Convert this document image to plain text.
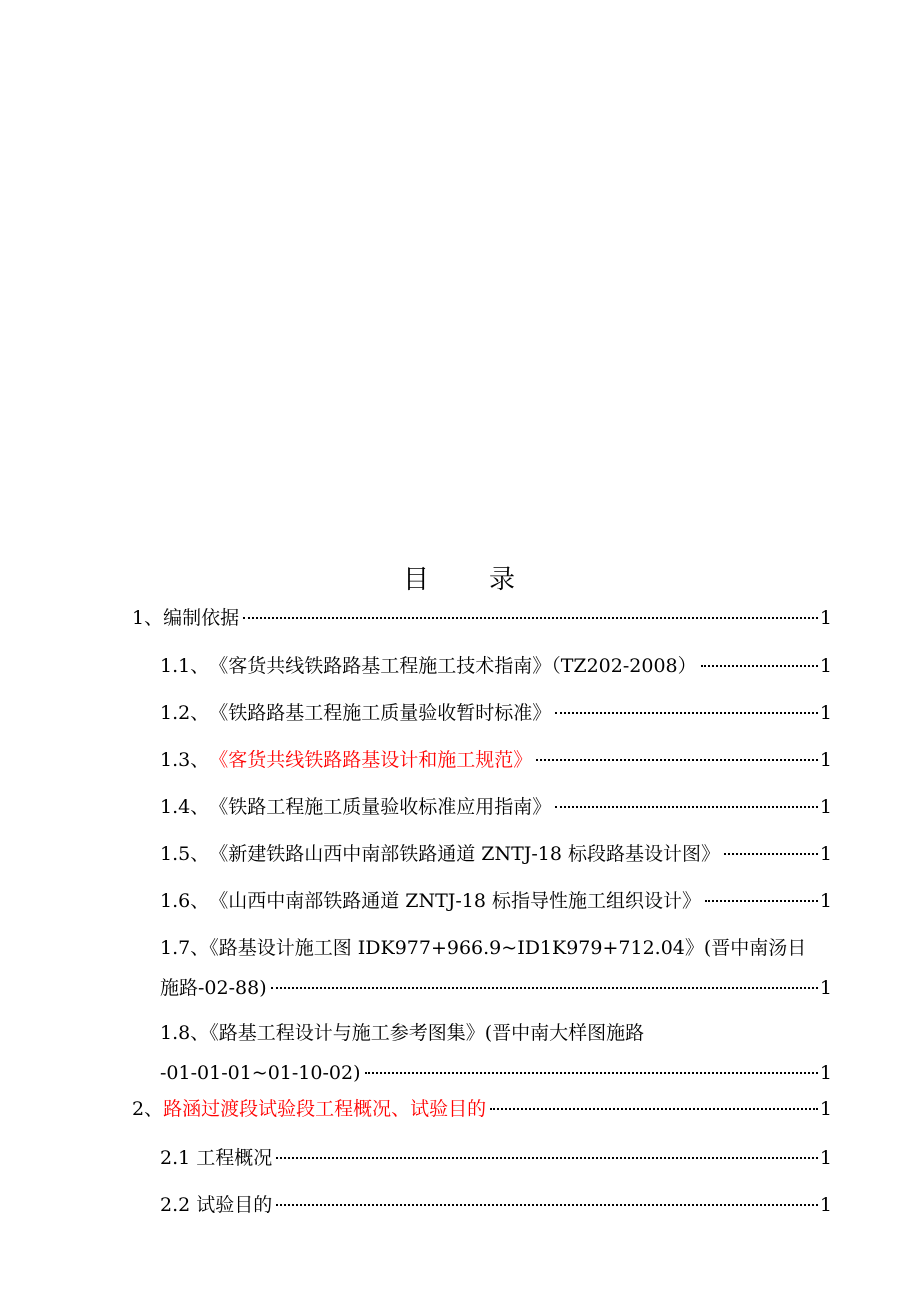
目 录
1、编制依据	1
1.1、 《客货共线铁路路基工程施工技术指南》（TZ202-2008）	1
1.2、 《铁路路基工程施工质量验收暂时标准》	1
1.3、 《客货共线铁路路基设计和施工规范》	1
1.4、 《铁路工程施工质量验收标准应用指南》	1
1.5、 《新建铁路山西中南部铁路通道 ZNTJ-18 标段路基设计图》	1
1.6、 《山西中南部铁路通道 ZNTJ-18 标指导性施工组织设计》	1
1.7、《路基设计施工图 IDK977+966.9~ID1K979+712.04》(晋中南汤日
施路-02-88)	1
1.8、《路基工程设计与施工参考图集》(晋中南大样图施路
-01-01-01~01-10-02)	1
2、 路涵过渡段试验段工程概况、试验目的	1
2.1 工程概况	1
2.2 试验目的	1
